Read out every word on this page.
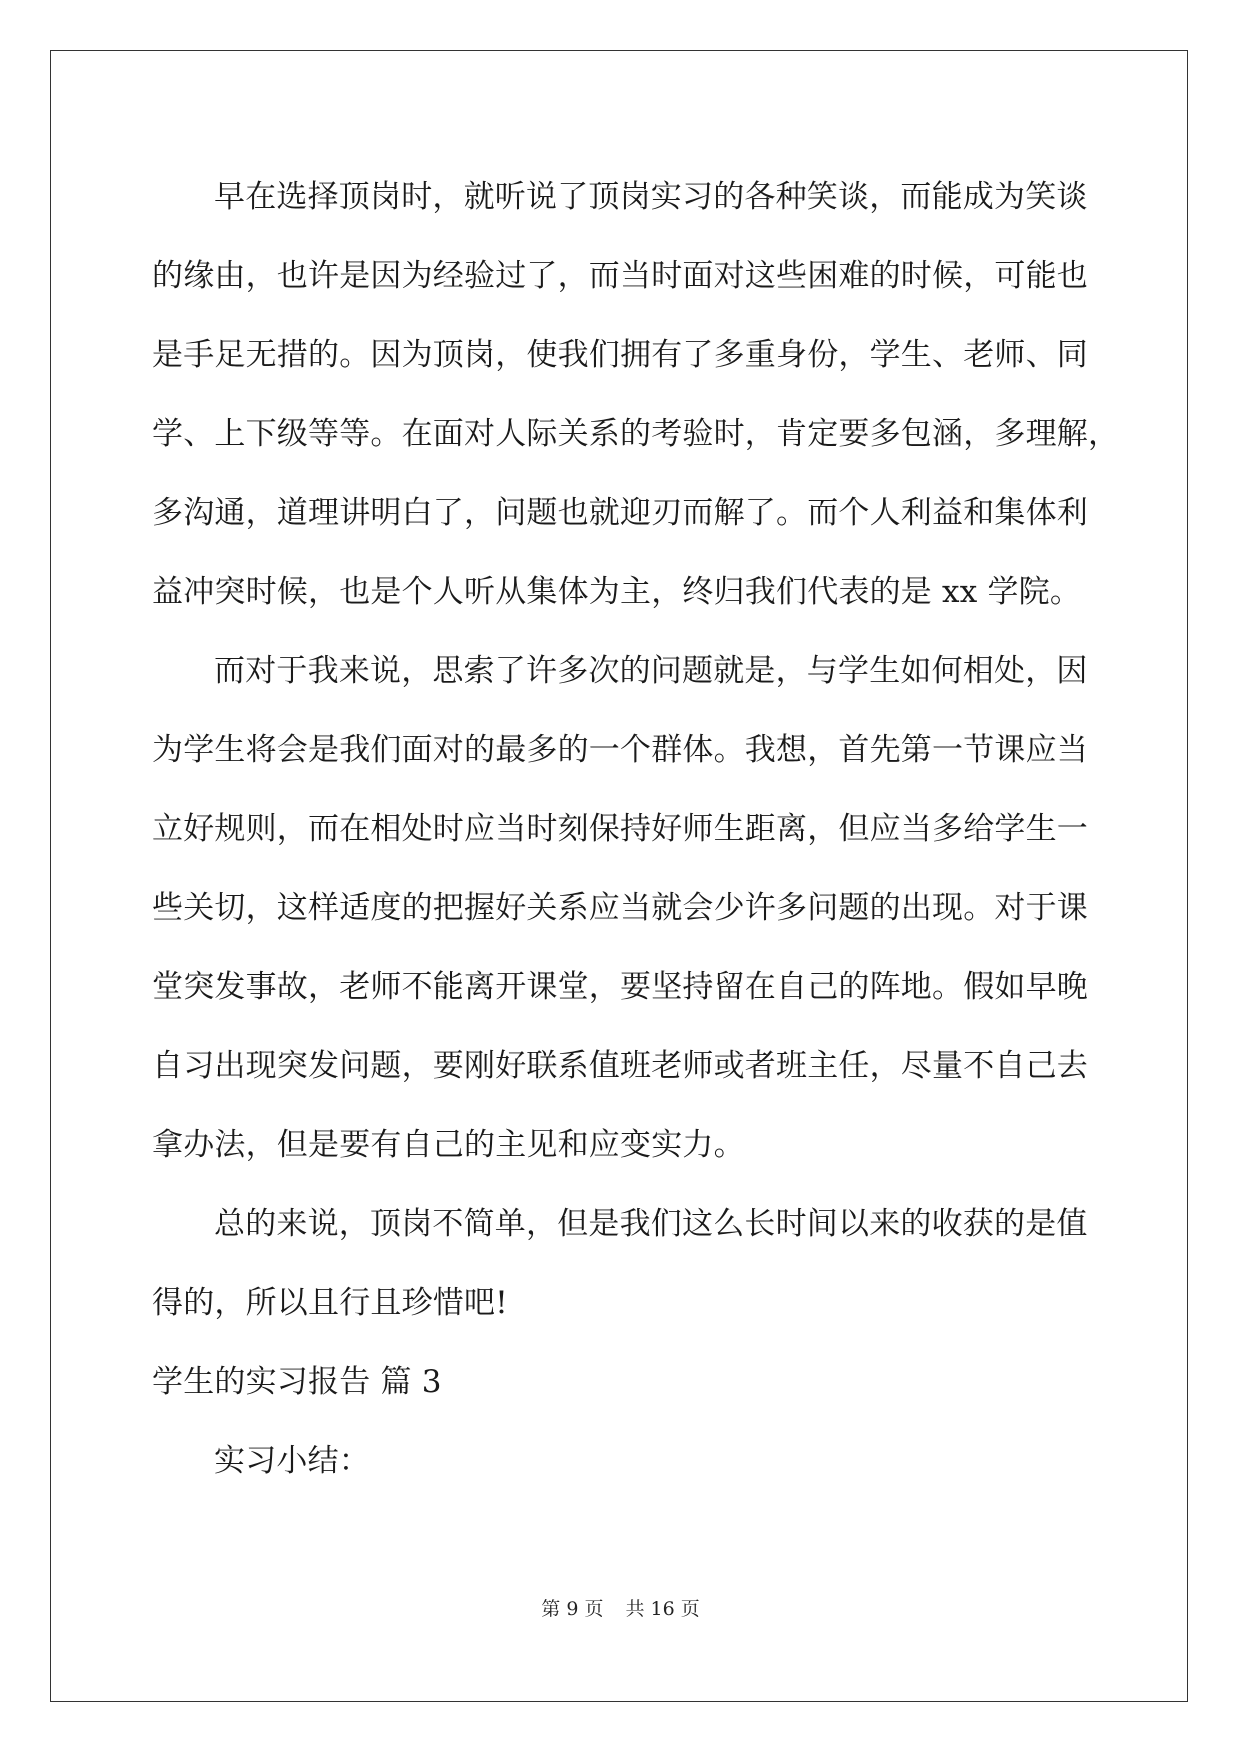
早在选择顶岗时，就听说了顶岗实习的各种笑谈，而能成为笑谈
的缘由，也许是因为经验过了，而当时面对这些困难的时候，可能也
是手足无措的。因为顶岗，使我们拥有了多重身份，学生、老师、同
学、上下级等等。在面对人际关系的考验时，肯定要多包涵，多理解，
多沟通，道理讲明白了，问题也就迎刃而解了。而个人利益和集体利
益冲突时候，也是个人听从集体为主，终归我们代表的是 xx 学院。
而对于我来说，思索了许多次的问题就是，与学生如何相处，因
为学生将会是我们面对的最多的一个群体。我想，首先第一节课应当
立好规则，而在相处时应当时刻保持好师生距离，但应当多给学生一
些关切，这样适度的把握好关系应当就会少许多问题的出现。对于课
堂突发事故，老师不能离开课堂，要坚持留在自己的阵地。假如早晚
自习出现突发问题，要刚好联系值班老师或者班主任，尽量不自己去
拿办法，但是要有自己的主见和应变实力。
总的来说，顶岗不简单，但是我们这么长时间以来的收获的是值
得的，所以且行且珍惜吧!
学生的实习报告 篇 3
实习小结：
第 9 页 共 16 页
